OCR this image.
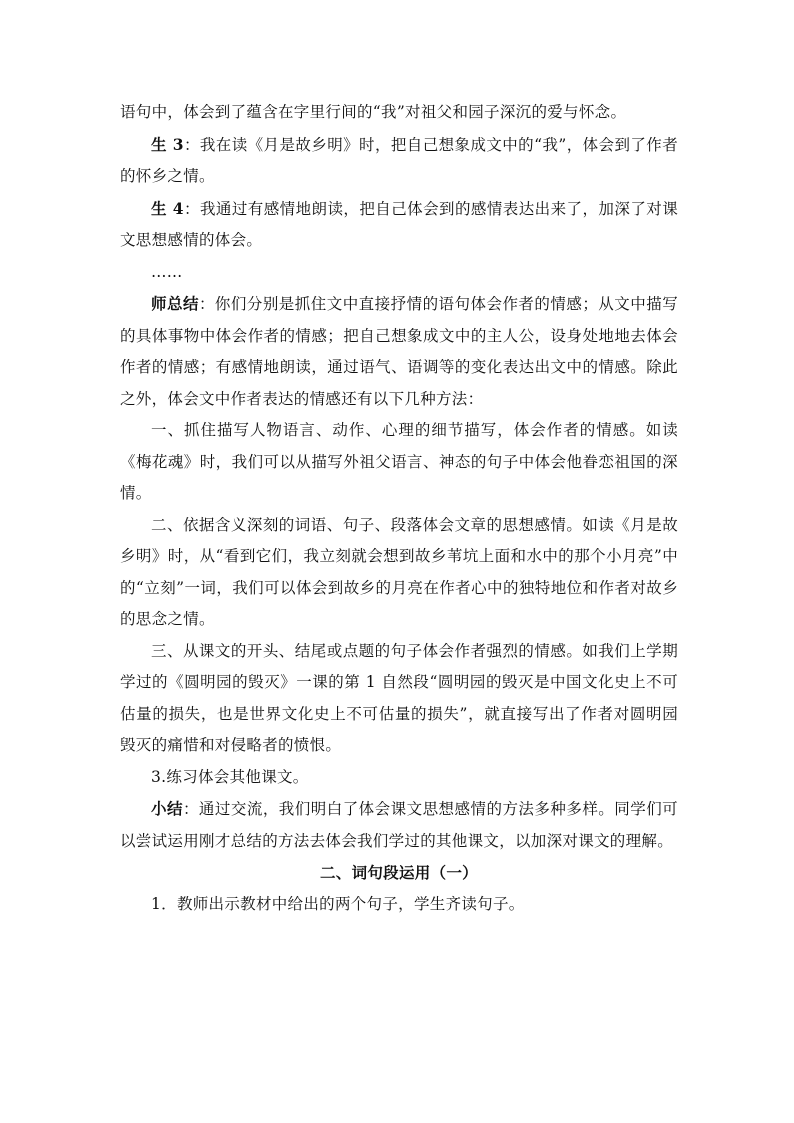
语句中，体会到了蕴含在字里行间的“我”对祖父和园子深沉的爱与怀念。

生 3：我在读《月是故乡明》时，把自己想象成文中的“我”，体会到了作者的怀乡之情。

生 4：我通过有感情地朗读，把自己体会到的感情表达出来了，加深了对课文思想感情的体会。

……

师总结：你们分别是抓住文中直接抒情的语句体会作者的情感；从文中描写的具体事物中体会作者的情感；把自己想象成文中的主人公，设身处地地去体会作者的情感；有感情地朗读，通过语气、语调等的变化表达出文中的情感。除此之外，体会文中作者表达的情感还有以下几种方法：

一、抓住描写人物语言、动作、心理的细节描写，体会作者的情感。如读《梅花魂》时，我们可以从描写外祖父语言、神态的句子中体会他眷恋祖国的深情。

二、依据含义深刻的词语、句子、段落体会文章的思想感情。如读《月是故乡明》时，从“看到它们，我立刻就会想到故乡苇坑上面和水中的那个小月亮”中的“立刻”一词，我们可以体会到故乡的月亮在作者心中的独特地位和作者对故乡的思念之情。

三、从课文的开头、结尾或点题的句子体会作者强烈的情感。如我们上学期学过的《圆明园的毁灭》一课的第 1 自然段“圆明园的毁灭是中国文化史上不可估量的损失，也是世界文化史上不可估量的损失”，就直接写出了作者对圆明园毁灭的痛惜和对侵略者的愤恨。

3.练习体会其他课文。

小结：通过交流，我们明白了体会课文思想感情的方法多种多样。同学们可以尝试运用刚才总结的方法去体会我们学过的其他课文，以加深对课文的理解。

二、词句段运用（一）

1．教师出示教材中给出的两个句子，学生齐读句子。
